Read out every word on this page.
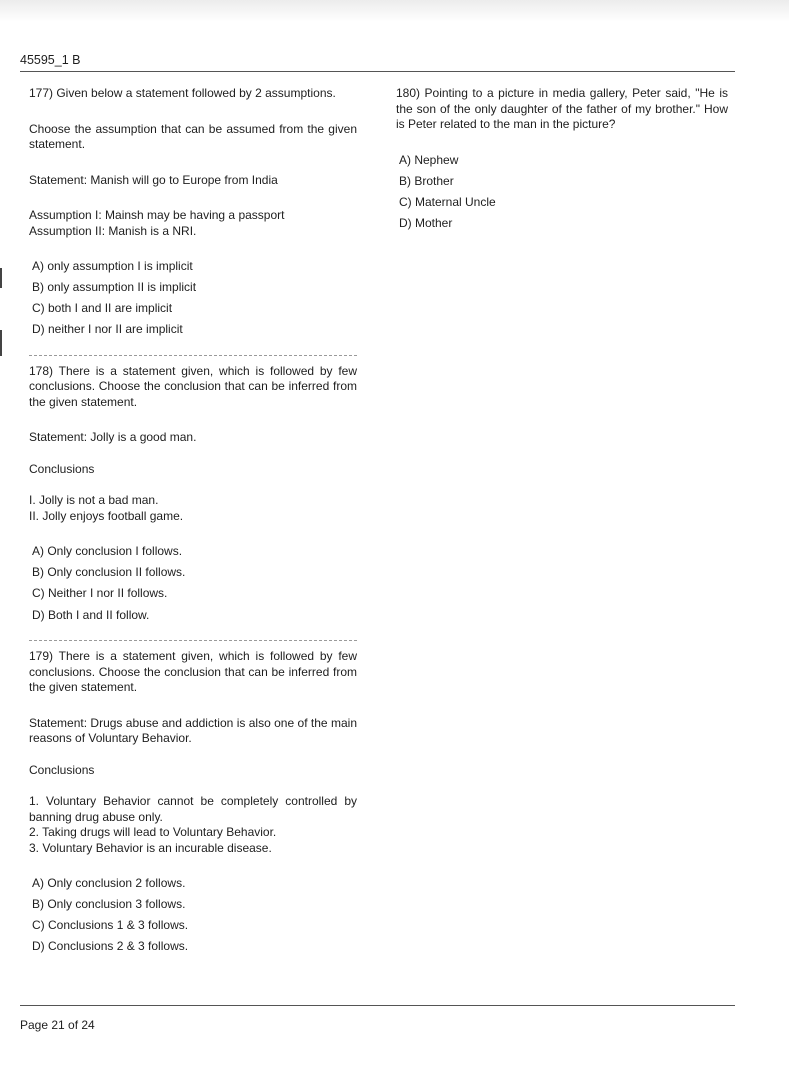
45595_1 B

177) Given below a statement followed by 2 assumptions.

Choose the assumption that can be assumed from the given statement.

Statement: Manish will go to Europe from India

Assumption I: Mainsh may be having a passport

Assumption II: Manish is a NRI.

A) only assumption I is implicit

B) only assumption II is implicit

C) both I and II are implicit

D) neither I nor II are implicit

178) There is a statement given, which is followed by few conclusions. Choose the conclusion that can be inferred from the given statement.

Statement: Jolly is a good man.

Conclusions

I. Jolly is not a bad man.

II. Jolly enjoys football game.

A) Only conclusion I follows.

B) Only conclusion II follows.

C) Neither I nor II follows.

D) Both I and II follow.

179) There is a statement given, which is followed by few conclusions. Choose the conclusion that can be inferred from the given statement.

Statement: Drugs abuse and addiction is also one of the main reasons of Voluntary Behavior.

Conclusions

1. Voluntary Behavior cannot be completely controlled by banning drug abuse only.

2. Taking drugs will lead to Voluntary Behavior.

3. Voluntary Behavior is an incurable disease.

A) Only conclusion 2 follows.

B) Only conclusion 3 follows.

C) Conclusions 1 & 3 follows.

D) Conclusions 2 & 3 follows.

180) Pointing to a picture in media gallery, Peter said, "He is the son of the only daughter of the father of my brother." How is Peter related to the man in the picture?

A) Nephew

B) Brother

C) Maternal Uncle

D) Mother

Page 21 of 24
